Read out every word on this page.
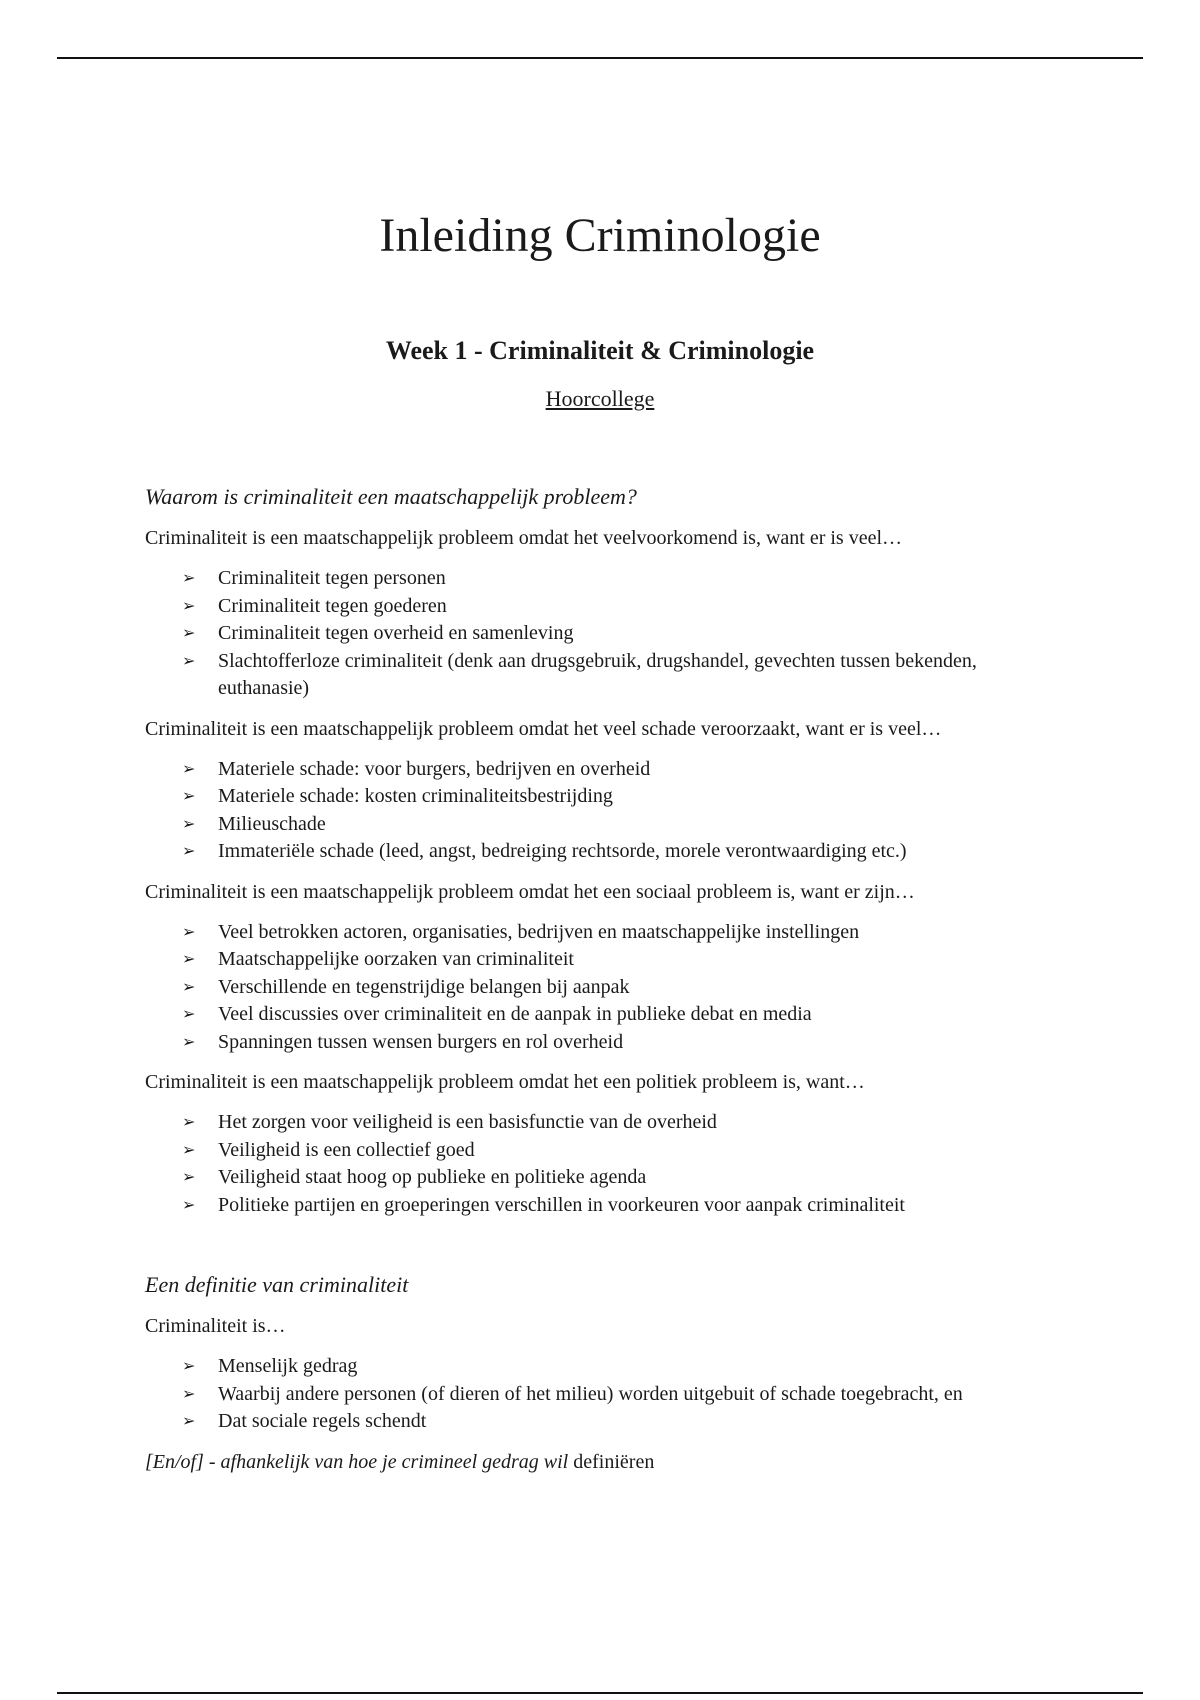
Inleiding Criminologie
Week 1 - Criminaliteit & Criminologie
Hoorcollege

Waarom is criminaliteit een maatschappelijk probleem?

Criminaliteit is een maatschappelijk probleem omdat het veelvoorkomend is, want er is veel…

➢ Criminaliteit tegen personen
➢ Criminaliteit tegen goederen
➢ Criminaliteit tegen overheid en samenleving
➢ Slachtofferloze criminaliteit (denk aan drugsgebruik, drugshandel, gevechten tussen bekenden, euthanasie)

Criminaliteit is een maatschappelijk probleem omdat het veel schade veroorzaakt, want er is veel…

➢ Materiele schade: voor burgers, bedrijven en overheid
➢ Materiele schade: kosten criminaliteitsbestrijding
➢ Milieuschade
➢ Immateriële schade (leed, angst, bedreiging rechtsorde, morele verontwaardiging etc.)

Criminaliteit is een maatschappelijk probleem omdat het een sociaal probleem is, want er zijn…

➢ Veel betrokken actoren, organisaties, bedrijven en maatschappelijke instellingen
➢ Maatschappelijke oorzaken van criminaliteit
➢ Verschillende en tegenstrijdige belangen bij aanpak
➢ Veel discussies over criminaliteit en de aanpak in publieke debat en media
➢ Spanningen tussen wensen burgers en rol overheid

Criminaliteit is een maatschappelijk probleem omdat het een politiek probleem is, want…

➢ Het zorgen voor veiligheid is een basisfunctie van de overheid
➢ Veiligheid is een collectief goed
➢ Veiligheid staat hoog op publieke en politieke agenda
➢ Politieke partijen en groeperingen verschillen in voorkeuren voor aanpak criminaliteit

Een definitie van criminaliteit

Criminaliteit is…

➢ Menselijk gedrag
➢ Waarbij andere personen (of dieren of het milieu) worden uitgebuit of schade toegebracht, en
➢ Dat sociale regels schendt

[En/of] - afhankelijk van hoe je crimineel gedrag wil definiëren
